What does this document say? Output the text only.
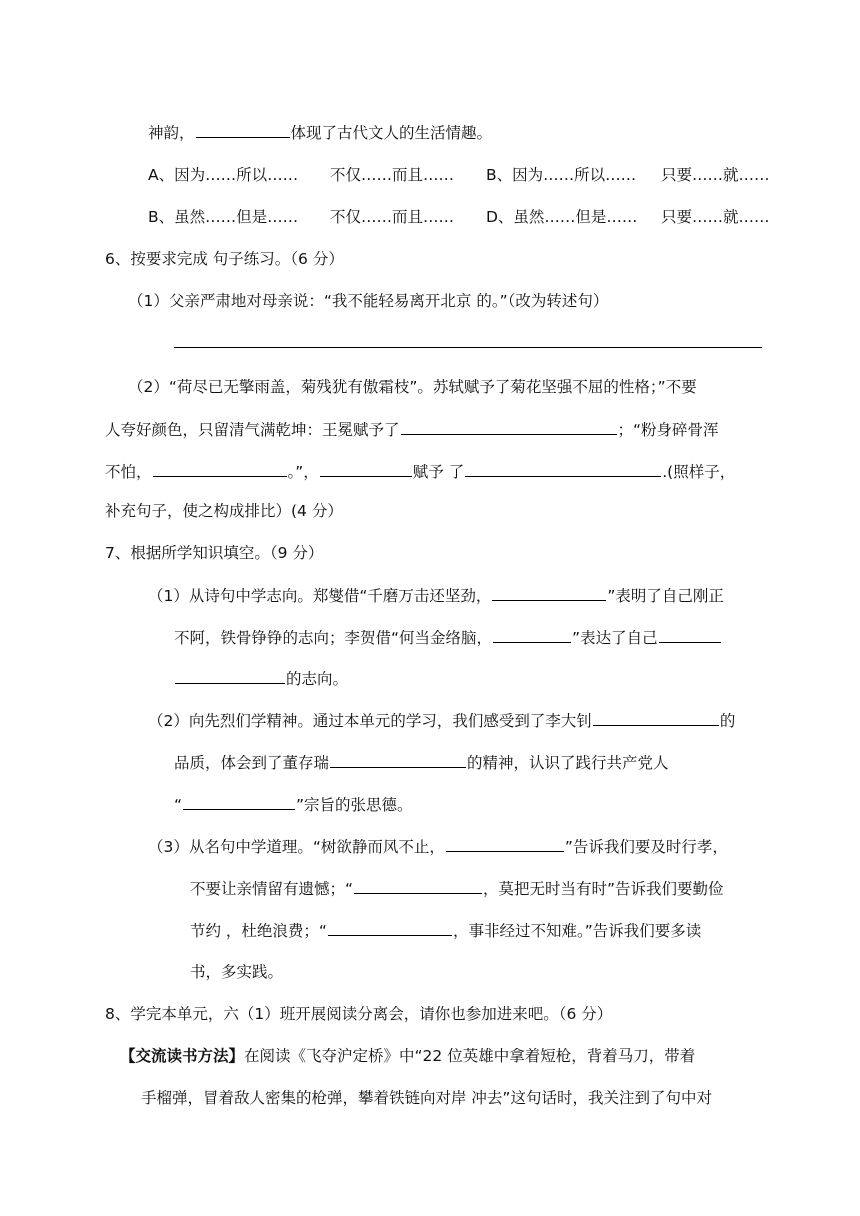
神韵，	体现了古代文人的生活情趣。
A、因为……所以…… 不仅……而且…… B、因为……所以…… 只要……就……
B、虽然……但是…… 不仅……而且…… D、虽然……但是…… 只要……就……
6、按要求完成 句子练习。（6 分）
（1）父亲严肃地对母亲说：“我不能轻易离开北京 的。”（改为转述句）
（2）“荷尽已无擎雨盖，菊残犹有傲霜枝”。苏轼赋予了菊花坚强不屈的性格；”不要
人夸好颜色，只留清气满乾坤：王冕赋予了	；“粉身碎骨浑
不怕，	。”，	赋予 了	.(照样子，
补充句子，使之构成排比）(4 分）
7、根据所学知识填空。（9 分）
（1）从诗句中学志向。郑燮借“千磨万击还坚劲，	”表明了自己刚正
不阿，铁骨铮铮的志向；李贺借“何当金络脑，	”表达了自己
的志向。
（2）向先烈们学精神。通过本单元的学习，我们感受到了李大钊	的
品质，体会到了董存瑞	的精神，认识了践行共产党人
“	”宗旨的张思德。
（3）从名句中学道理。“树欲静而风不止，	”告诉我们要及时行孝，
不要让亲情留有遗憾；“	，莫把无时当有时”告诉我们要勤俭
节约 ，杜绝浪费；“	，事非经过不知难。”告诉我们要多读
书，多实践。
8、学完本单元，六（1）班开展阅读分离会，请你也参加进来吧。（6 分）
【交流读书方法】在阅读《飞夺沪定桥》中“22 位英雄中拿着短枪，背着马刀，带着
手榴弹，冒着敌人密集的枪弹，攀着铁链向对岸 冲去”这句话时，我关注到了句中对
